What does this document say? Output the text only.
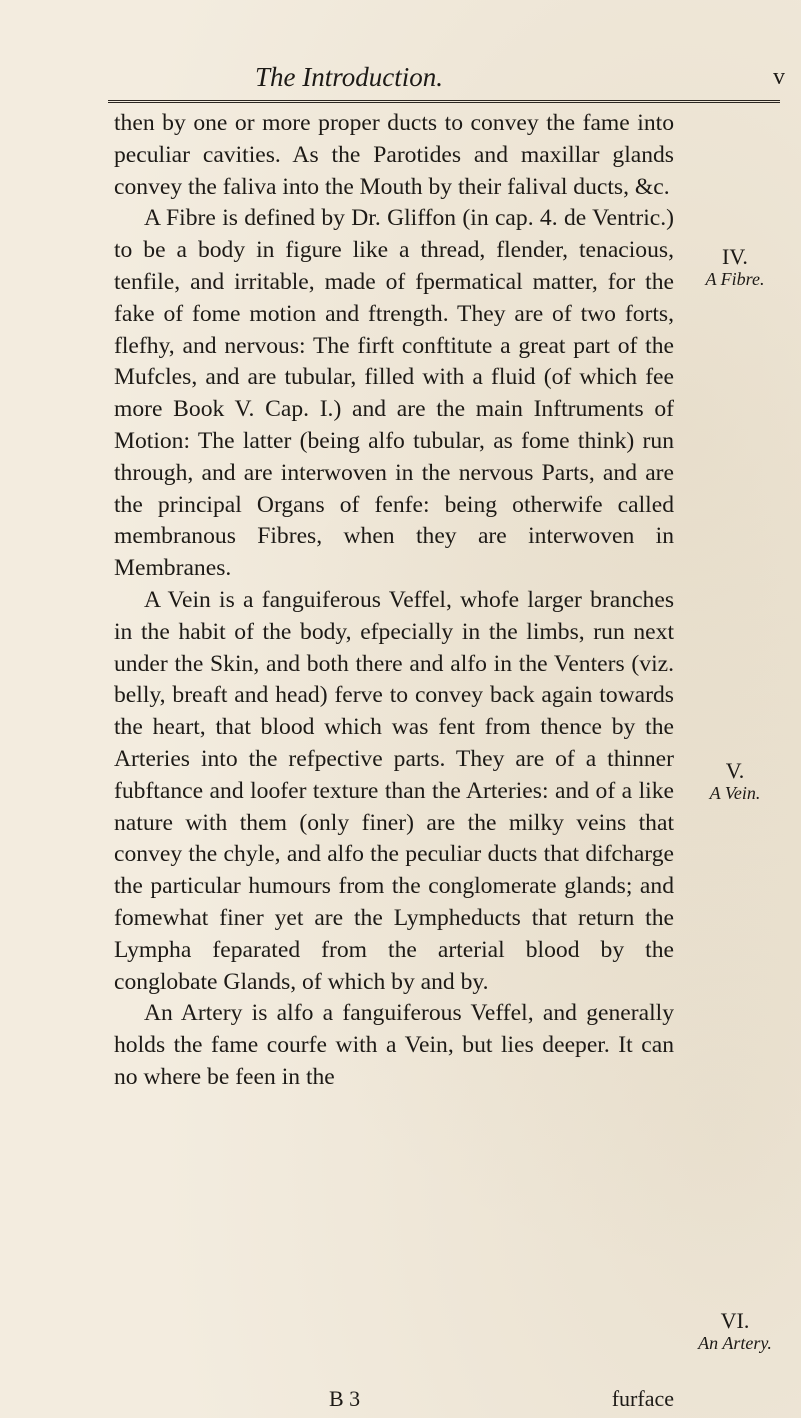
The Introduction.	v

then by one or more proper ducts to convey the fame into peculiar cavities. As the Parotides and maxillar glands convey the faliva into the Mouth by their falival ducts, &c.

A Fibre is defined by Dr. Gliffon (in cap. 4. de Ventric.) to be a body in figure like a thread, flender, tenacious, tenfile, and irritable, made of fpermatical matter, for the fake of fome motion and ftrength. They are of two forts, flefhy, and nervous: The firft conftitute a great part of the Mufcles, and are tubular, filled with a fluid (of which fee more Book V. Cap. I.) and are the main Inftruments of Motion: The latter (being alfo tubular, as fome think) run through, and are interwoven in the nervous Parts, and are the principal Organs of fenfe: being otherwife called membranous Fibres, when they are interwoven in Membranes.

A Vein is a fanguiferous Veffel, whofe larger branches in the habit of the body, efpecially in the limbs, run next under the Skin, and both there and alfo in the Venters (viz. belly, breaft and head) ferve to convey back again towards the heart, that blood which was fent from thence by the Arteries into the refpective parts. They are of a thinner fubftance and loofer texture than the Arteries: and of a like nature with them (only finer) are the milky veins that convey the chyle, and alfo the peculiar ducts that difcharge the particular humours from the conglomerate glands; and fomewhat finer yet are the Lympheducts that return the Lympha feparated from the arterial blood by the conglobate Glands, of which by and by.

An Artery is alfo a fanguiferous Veffel, and generally holds the fame courfe with a Vein, but lies deeper. It can no where be feen in the

IV.
A Fibre.
V.
A Vein.
VI.
An Artery.
B 3	furface
